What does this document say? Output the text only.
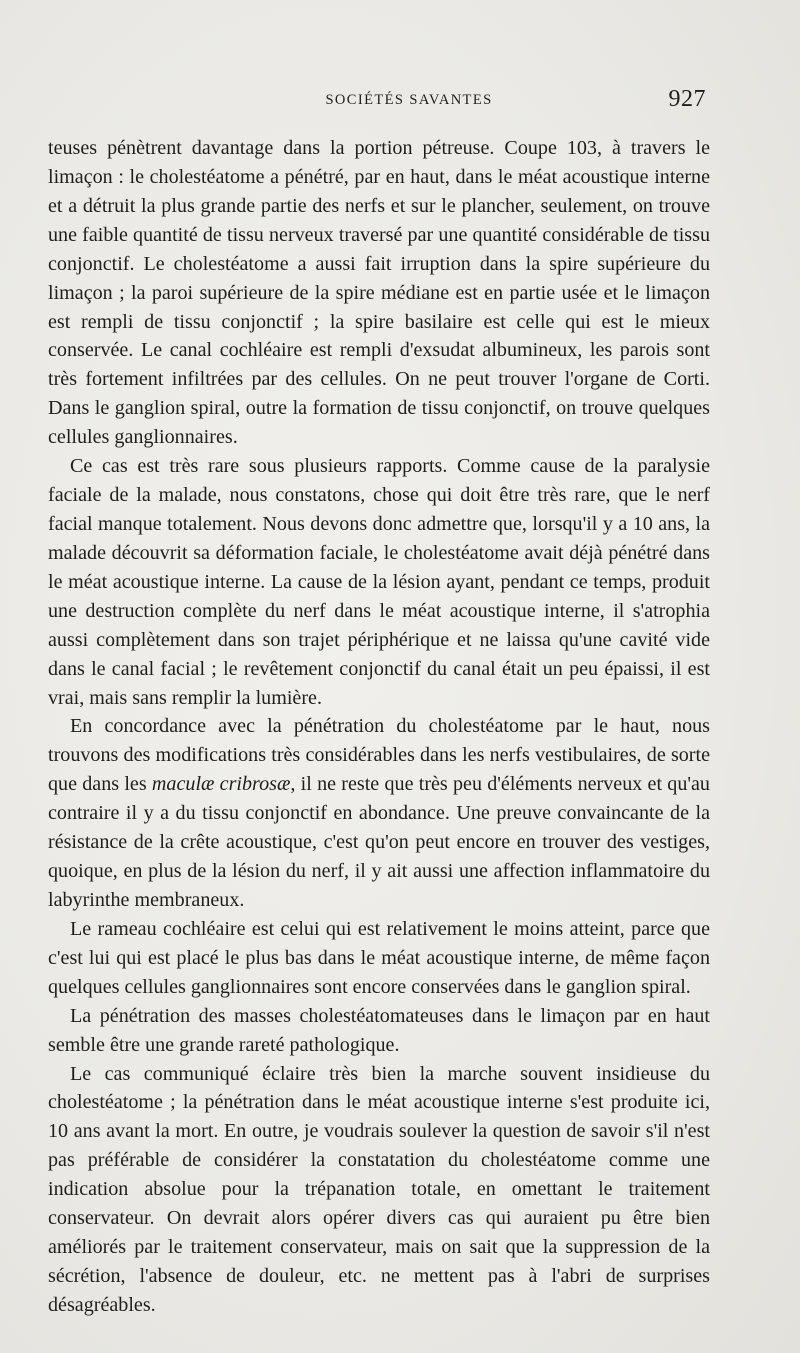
SOCIÉTÉS SAVANTES	927

teuses pénètrent davantage dans la portion pétreuse. Coupe 103, à travers le limaçon : le cholestéatome a pénétré, par en haut, dans le méat acoustique interne et a détruit la plus grande partie des nerfs et sur le plancher, seulement, on trouve une faible quantité de tissu nerveux traversé par une quantité considérable de tissu conjonctif. Le cholestéatome a aussi fait irruption dans la spire supérieure du limaçon ; la paroi supérieure de la spire médiane est en partie usée et le limaçon est rempli de tissu conjonctif ; la spire basilaire est celle qui est le mieux conservée. Le canal cochléaire est rempli d'exsudat albumineux, les parois sont très fortement infiltrées par des cellules. On ne peut trouver l'organe de Corti. Dans le ganglion spiral, outre la formation de tissu conjonctif, on trouve quelques cellules ganglionnaires.

Ce cas est très rare sous plusieurs rapports. Comme cause de la paralysie faciale de la malade, nous constatons, chose qui doit être très rare, que le nerf facial manque totalement. Nous devons donc admettre que, lorsqu'il y a 10 ans, la malade découvrit sa déformation faciale, le cholestéatome avait déjà pénétré dans le méat acoustique interne. La cause de la lésion ayant, pendant ce temps, produit une destruction complète du nerf dans le méat acoustique interne, il s'atrophia aussi complètement dans son trajet périphérique et ne laissa qu'une cavité vide dans le canal facial ; le revêtement conjonctif du canal était un peu épaissi, il est vrai, mais sans remplir la lumière.

En concordance avec la pénétration du cholestéatome par le haut, nous trouvons des modifications très considérables dans les nerfs vestibulaires, de sorte que dans les maculæ cribrosæ, il ne reste que très peu d'éléments nerveux et qu'au contraire il y a du tissu conjonctif en abondance. Une preuve convaincante de la résistance de la crête acoustique, c'est qu'on peut encore en trouver des vestiges, quoique, en plus de la lésion du nerf, il y ait aussi une affection inflammatoire du labyrinthe membraneux.

Le rameau cochléaire est celui qui est relativement le moins atteint, parce que c'est lui qui est placé le plus bas dans le méat acoustique interne, de même façon quelques cellules ganglionnaires sont encore conservées dans le ganglion spiral.

La pénétration des masses cholestéatomateuses dans le limaçon par en haut semble être une grande rareté pathologique.

Le cas communiqué éclaire très bien la marche souvent insidieuse du cholestéatome ; la pénétration dans le méat acoustique interne s'est produite ici, 10 ans avant la mort. En outre, je voudrais soulever la question de savoir s'il n'est pas préférable de considérer la constatation du cholestéatome comme une indication absolue pour la trépanation totale, en omettant le traitement conservateur. On devrait alors opérer divers cas qui auraient pu être bien améliorés par le traitement conservateur, mais on sait que la suppression de la sécrétion, l'absence de douleur, etc. ne mettent pas à l'abri de surprises désagréables.
